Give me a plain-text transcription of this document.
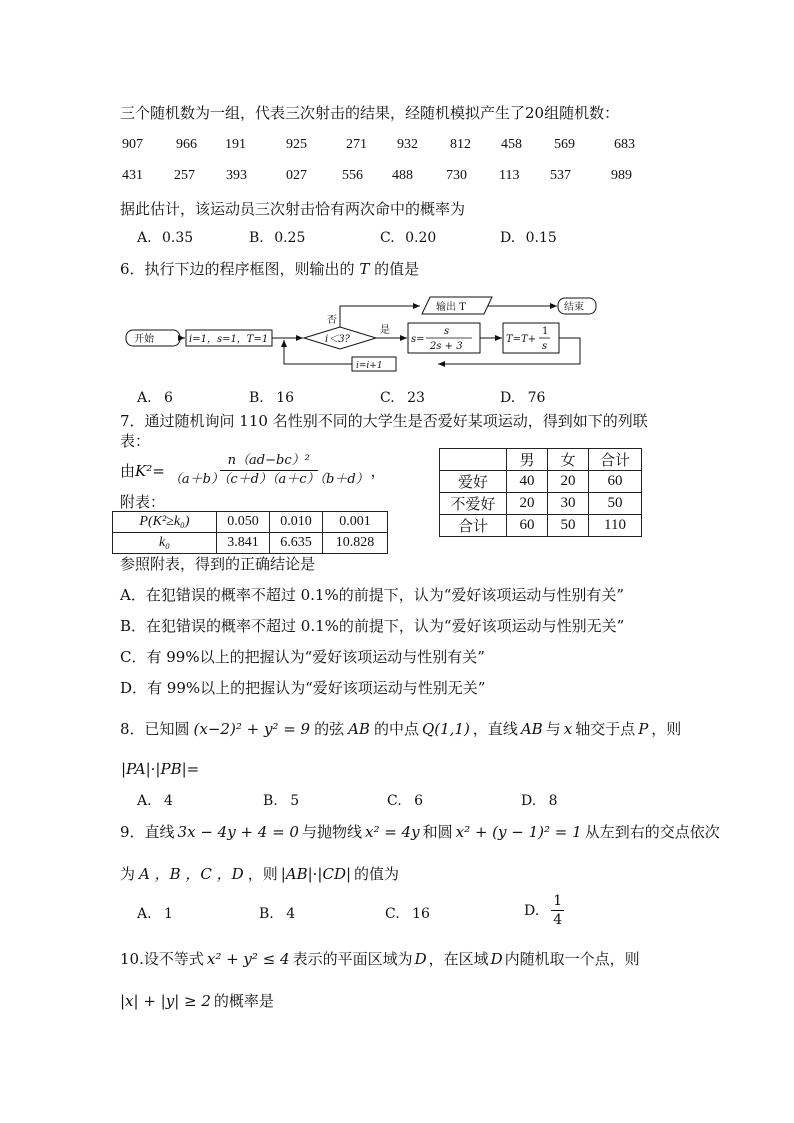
三个随机数为一组，代表三次射击的结果，经随机模拟产生了20组随机数：
907 966 191	925	271 932 812 458 569	683
431 257 393	027	556 488 730 113 537	989
据此估计，该运动员三次射击恰有两次命中的概率为
A. 0.35	B. 0.25	C. 0.20	D. 0.15
6．执行下边的程序框图，则输出的 T 的值是
开始	i=1，s=1，T=1	i＜3?
否
是
输出 T	结束
s=
s
2s + 3
T=T+
1
s
i=i+1
A. 6	B. 16	C. 23	D. 76
7．通过随机询问 110 名性别不同的大学生是否爱好某项运动，得到如下的列联
表：
由 $K^2= \frac{\text{n（ad−bc）²}}{(a+b)(c+d)(a+c)(b+d)}$ ，
附表：
P(K²≥k₀)	0.050	0.010	0.001
k₀	3.841	6.635	10.828
	男	女	合计
爱好	40	20	60
不爱好	20	30	50
合计	60	50	110
参照附表，得到的正确结论是
A．在犯错误的概率不超过 0.1%的前提下，认为“爱好该项运动与性别有关”
B．在犯错误的概率不超过 0.1%的前提下，认为“爱好该项运动与性别无关”
C．有 99%以上的把握认为“爱好该项运动与性别有关”
D．有 99%以上的把握认为“爱好该项运动与性别无关”
8．已知圆 (x−2)² + y² = 9 的弦 AB 的中点 Q(1,1) ，直线 AB 与 x 轴交于点 P ，则
|PA|·|PB|=
A. 4	B. 5	C. 6	D. 8
9．直线 3x − 4y + 4 = 0 与抛物线 x² = 4y 和圆 x² + (y − 1)² = 1 从左到右的交点依次
为 A ，B ，C ，D ，则 |AB|·|CD| 的值为
A. 1	B. 4	C. 16	D. $\frac{1}{4}$
10.设不等式 x² + y² ≤ 4 表示的平面区域为 D ，在区域 D 内随机取一个点，则
|x| + |y| ≥ 2 的概率是
